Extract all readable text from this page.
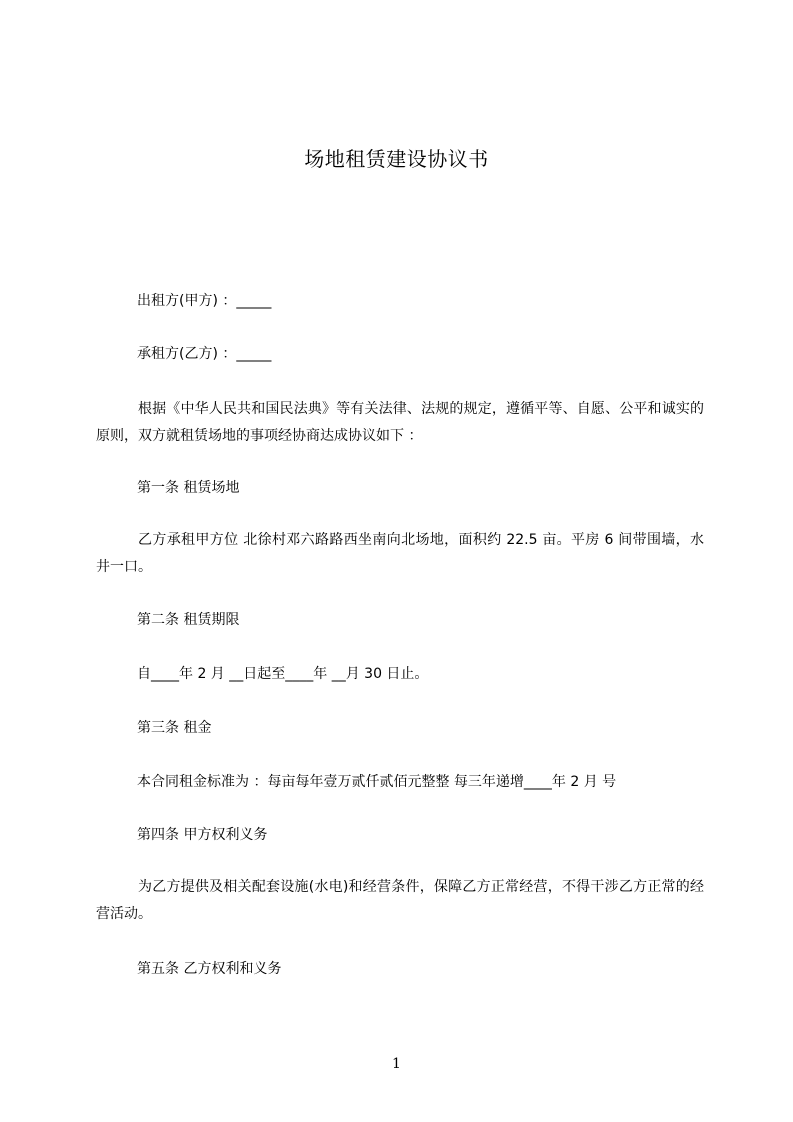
场地租赁建设协议书
出租方(甲方) ：_____
承租方(乙方) ：_____
根据《中华人民共和国民法典》等有关法律、法规的规定，遵循平等、自愿、公平和诚实的原则，双方就租赁场地的事项经协商达成协议如下 ：
第一条 租赁场地
乙方承租甲方位 北徐村邓六路路西坐南向北场地，面积约 22.5 亩。平房 6 间带围墙，水井一口。
第二条 租赁期限
自____年 2 月 __日起至____年 __月 30 日止。
第三条 租金
本合同租金标准为 ：每亩每年壹万贰仟贰佰元整整 每三年递增____年 2 月 号
第四条 甲方权利义务
为乙方提供及相关配套设施(水电)和经营条件，保障乙方正常经营，不得干涉乙方正常的经营活动。
第五条 乙方权利和义务
1
